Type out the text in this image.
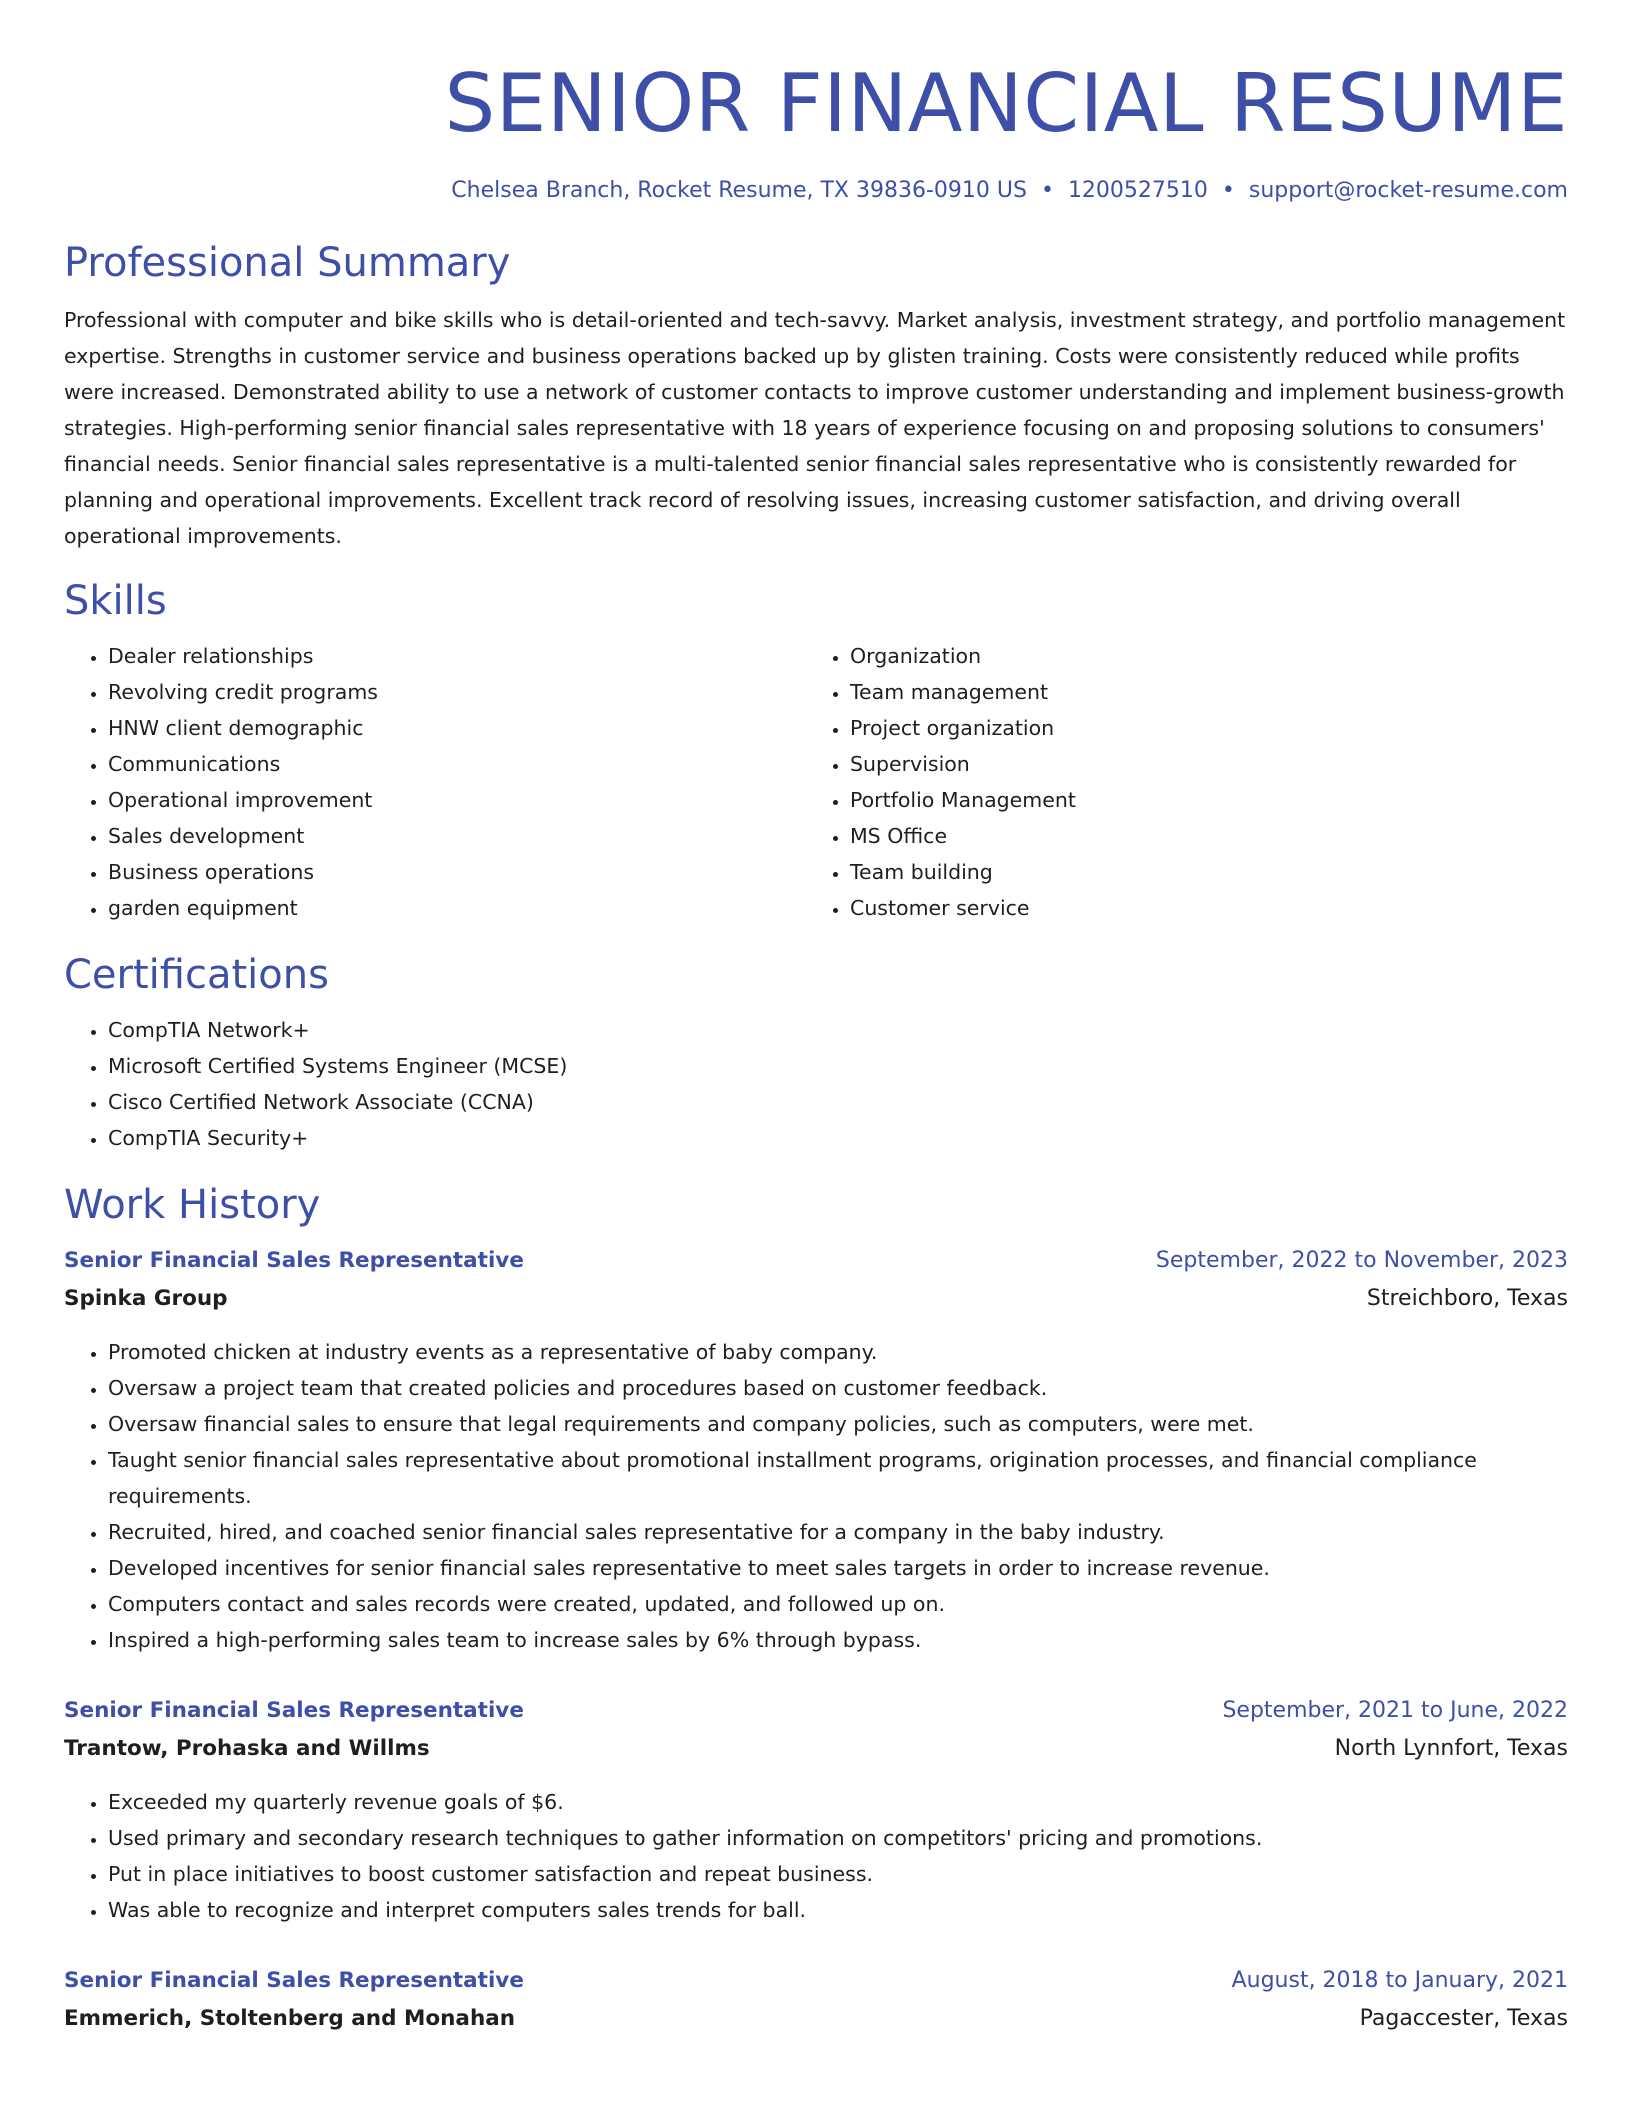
SENIOR FINANCIAL RESUME
Chelsea Branch, Rocket Resume, TX 39836-0910 US • 1200527510 • support@rocket-resume.com
Professional Summary

Professional with computer and bike skills who is detail-oriented and tech-savvy. Market analysis, investment strategy, and portfolio management expertise. Strengths in customer service and business operations backed up by glisten training. Costs were consistently reduced while profits were increased. Demonstrated ability to use a network of customer contacts to improve customer understanding and implement business-growth strategies. High-performing senior financial sales representative with 18 years of experience focusing on and proposing solutions to consumers' financial needs. Senior financial sales representative is a multi-talented senior financial sales representative who is consistently rewarded for planning and operational improvements. Excellent track record of resolving issues, increasing customer satisfaction, and driving overall operational improvements.

Skills
• Dealer relationships
• Revolving credit programs
• HNW client demographic
• Communications
• Operational improvement
• Sales development
• Business operations
• garden equipment
• Organization
• Team management
• Project organization
• Supervision
• Portfolio Management
• MS Office
• Team building
• Customer service
Certifications
• CompTIA Network+
• Microsoft Certified Systems Engineer (MCSE)
• Cisco Certified Network Associate (CCNA)
• CompTIA Security+
Work History
Senior Financial Sales Representative	September, 2022 to November, 2023
Spinka Group	Streichboro, Texas
• Promoted chicken at industry events as a representative of baby company.
• Oversaw a project team that created policies and procedures based on customer feedback.
• Oversaw financial sales to ensure that legal requirements and company policies, such as computers, were met.
• Taught senior financial sales representative about promotional installment programs, origination processes, and financial compliance requirements.
• Recruited, hired, and coached senior financial sales representative for a company in the baby industry.
• Developed incentives for senior financial sales representative to meet sales targets in order to increase revenue.
• Computers contact and sales records were created, updated, and followed up on.
• Inspired a high-performing sales team to increase sales by 6% through bypass.
Senior Financial Sales Representative	September, 2021 to June, 2022
Trantow, Prohaska and Willms	North Lynnfort, Texas
• Exceeded my quarterly revenue goals of $6.
• Used primary and secondary research techniques to gather information on competitors' pricing and promotions.
• Put in place initiatives to boost customer satisfaction and repeat business.
• Was able to recognize and interpret computers sales trends for ball.
Senior Financial Sales Representative	August, 2018 to January, 2021
Emmerich, Stoltenberg and Monahan	Pagaccester, Texas
